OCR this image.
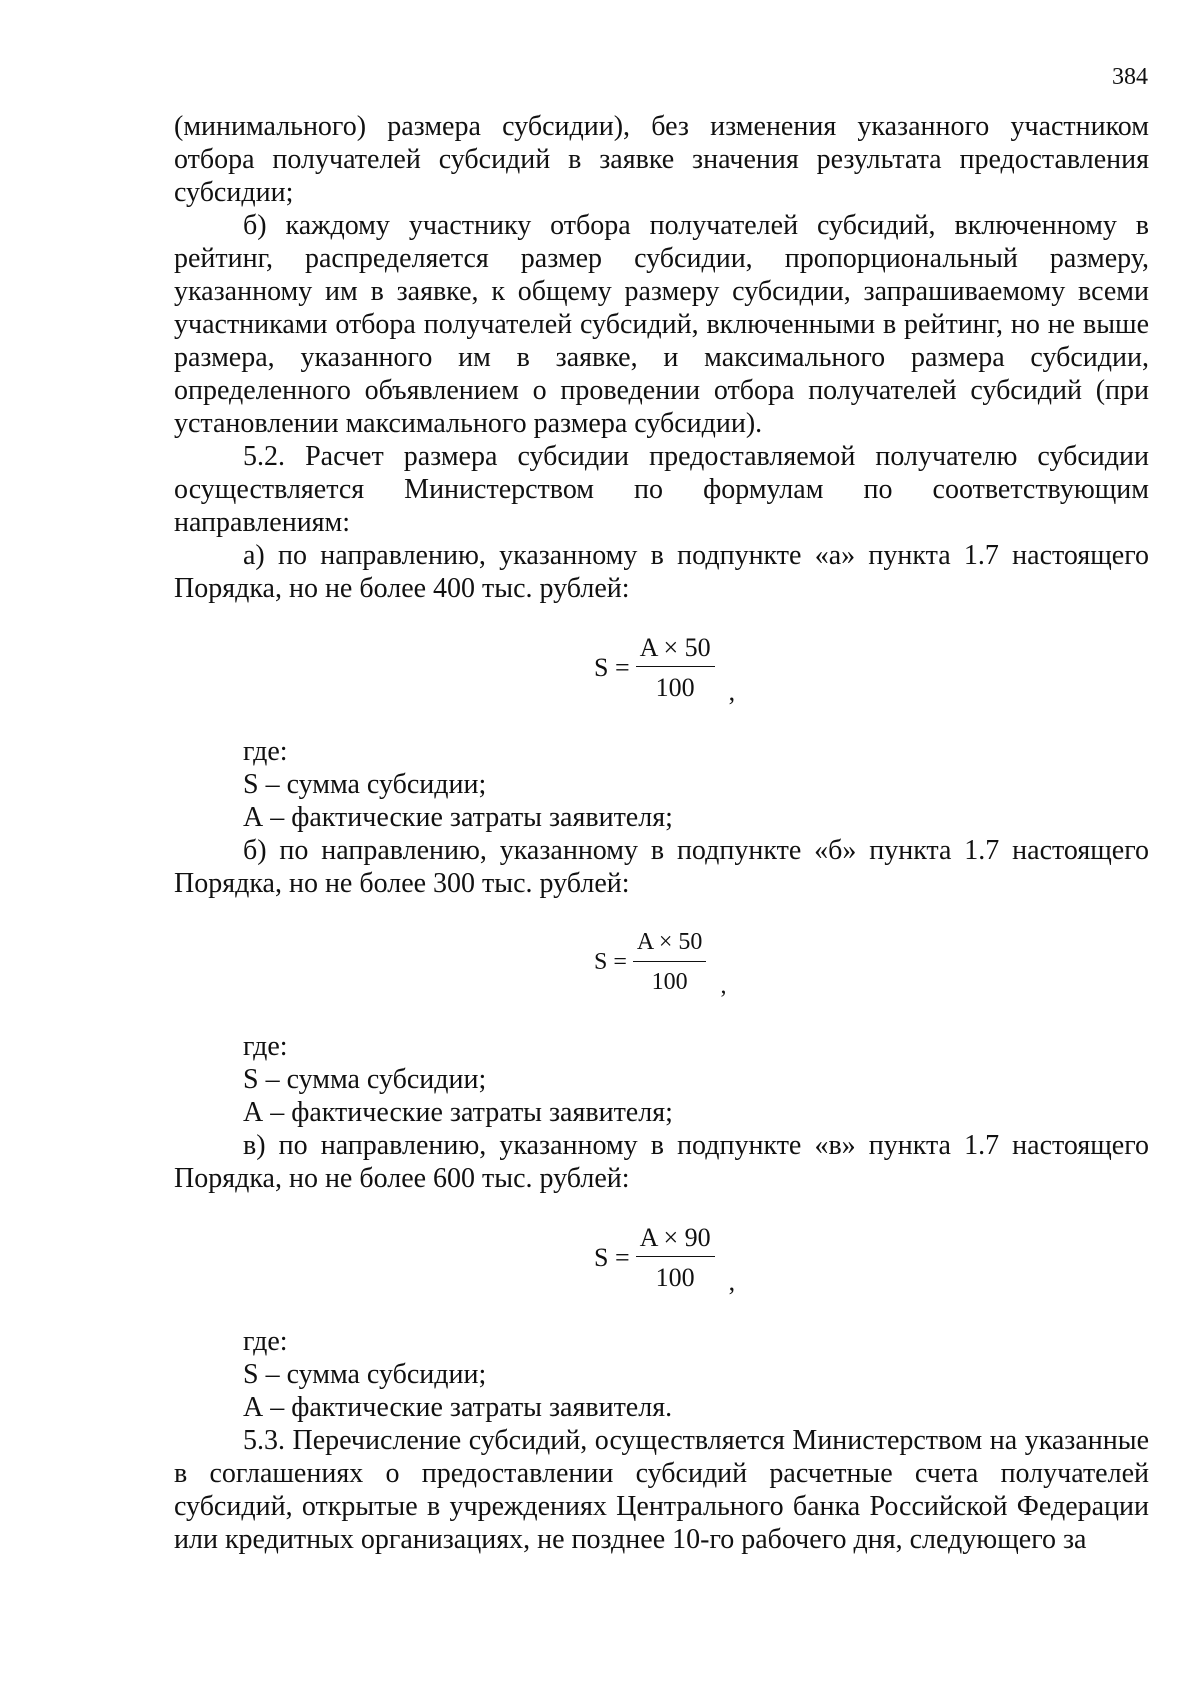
384

(минимального) размера субсидии), без изменения указанного участником отбора получателей субсидий в заявке значения результата предоставления субсидии;

б) каждому участнику отбора получателей субсидий, включенному в рейтинг, распределяется размер субсидии, пропорциональный размеру, указанному им в заявке, к общему размеру субсидии, запрашиваемому всеми участниками отбора получателей субсидий, включенными в рейтинг, но не выше размера, указанного им в заявке, и максимального размера субсидии, определенного объявлением о проведении отбора получателей субсидий (при установлении максимального размера субсидии).

5.2. Расчет размера субсидии предоставляемой получателю субсидии осуществляется Министерством по формулам по соответствующим направлениям:

а) по направлению, указанному в подпункте «а» пункта 1.7 настоящего Порядка, но не более 400 тыс. рублей:

$S = \frac{A \times 50}{100}$ ,

где:

S – сумма субсидии;

А – фактические затраты заявителя;

б) по направлению, указанному в подпункте «б» пункта 1.7 настоящего Порядка, но не более 300 тыс. рублей:

$S = \frac{A \times 50}{100}$ ,

где:

S – сумма субсидии;

А – фактические затраты заявителя;

в) по направлению, указанному в подпункте «в» пункта 1.7 настоящего Порядка, но не более 600 тыс. рублей:

$S = \frac{A \times 90}{100}$ ,

где:

S – сумма субсидии;

А – фактические затраты заявителя.

5.3. Перечисление субсидий, осуществляется Министерством на указанные в соглашениях о предоставлении субсидий расчетные счета получателей субсидий, открытые в учреждениях Центрального банка Российской Федерации или кредитных организациях, не позднее 10-го рабочего дня, следующего за
